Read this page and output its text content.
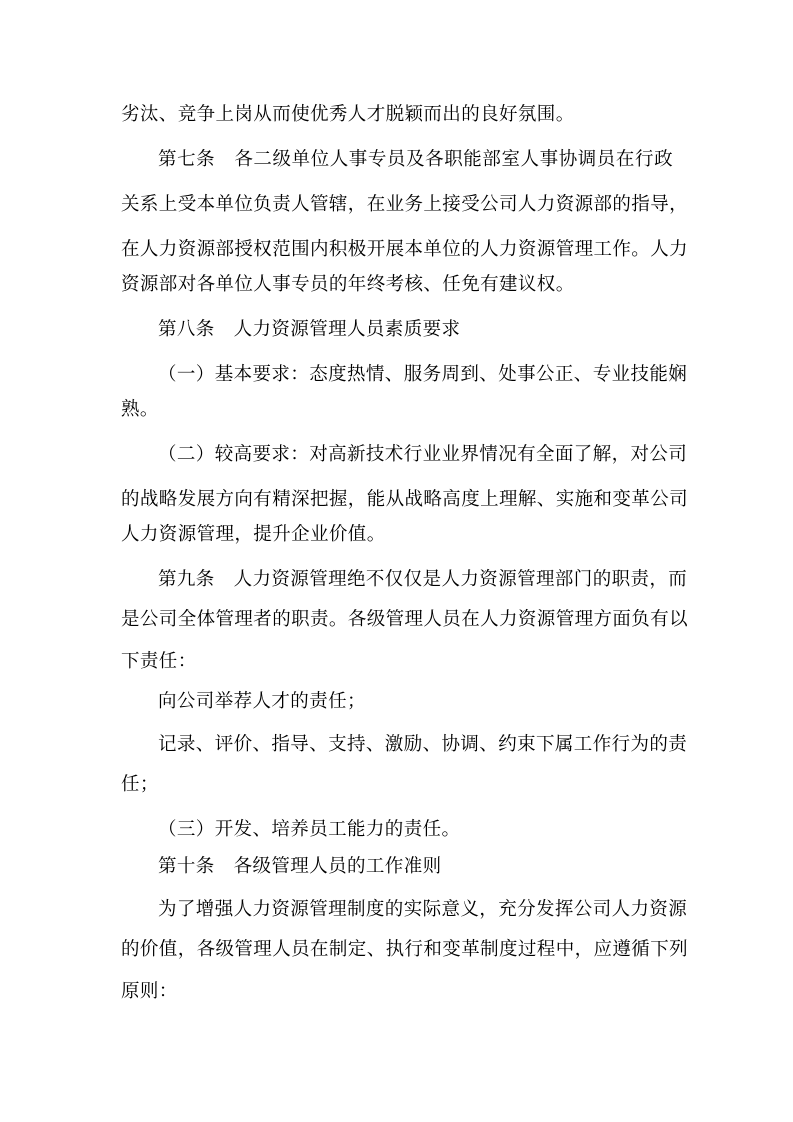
劣汰、竞争上岗从而使优秀人才脱颖而出的良好氛围。
第七条　各二级单位人事专员及各职能部室人事协调员在行政
关系上受本单位负责人管辖，在业务上接受公司人力资源部的指导，
在人力资源部授权范围内积极开展本单位的人力资源管理工作。人力
资源部对各单位人事专员的年终考核、任免有建议权。
第八条　人力资源管理人员素质要求
（一）基本要求：态度热情、服务周到、处事公正、专业技能娴
熟。
（二）较高要求：对高新技术行业业界情况有全面了解，对公司
的战略发展方向有精深把握，能从战略高度上理解、实施和变革公司
人力资源管理，提升企业价值。
第九条　人力资源管理绝不仅仅是人力资源管理部门的职责，而
是公司全体管理者的职责。各级管理人员在人力资源管理方面负有以
下责任：
向公司举荐人才的责任；
记录、评价、指导、支持、激励、协调、约束下属工作行为的责
任；
（三）开发、培养员工能力的责任。
第十条　各级管理人员的工作准则
为了增强人力资源管理制度的实际意义，充分发挥公司人力资源
的价值，各级管理人员在制定、执行和变革制度过程中，应遵循下列
原则：
